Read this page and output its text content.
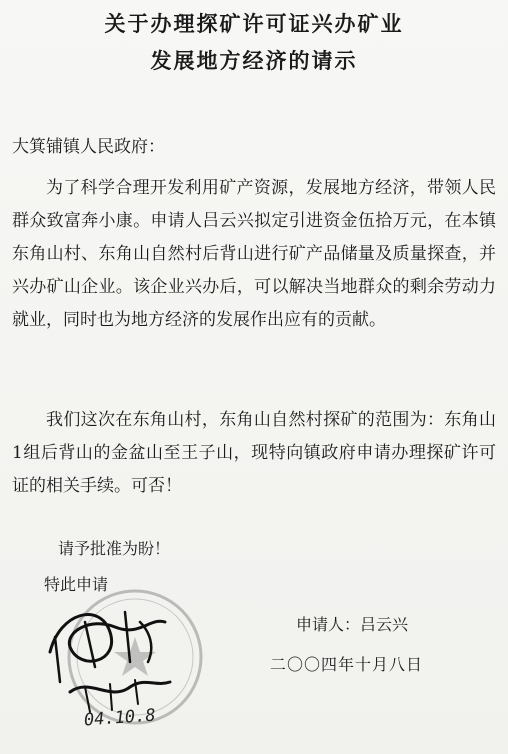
关于办理探矿许可证兴办矿业
发展地方经济的请示
大箕铺镇人民政府：
为了科学合理开发利用矿产资源，发展地方经济，带领人民群众致富奔小康。申请人吕云兴拟定引进资金伍拾万元，在本镇东角山村、东角山自然村后背山进行矿产品储量及质量探查，并兴办矿山企业。该企业兴办后，可以解决当地群众的剩余劳动力就业，同时也为地方经济的发展作出应有的贡献。
我们这次在东角山村，东角山自然村探矿的范围为：东角山1组后背山的金盆山至王子山，现特向镇政府申请办理探矿许可证的相关手续。可否！
请予批准为盼！
特此申请
申请人：吕云兴
二〇〇四年十月八日
04.10.8
